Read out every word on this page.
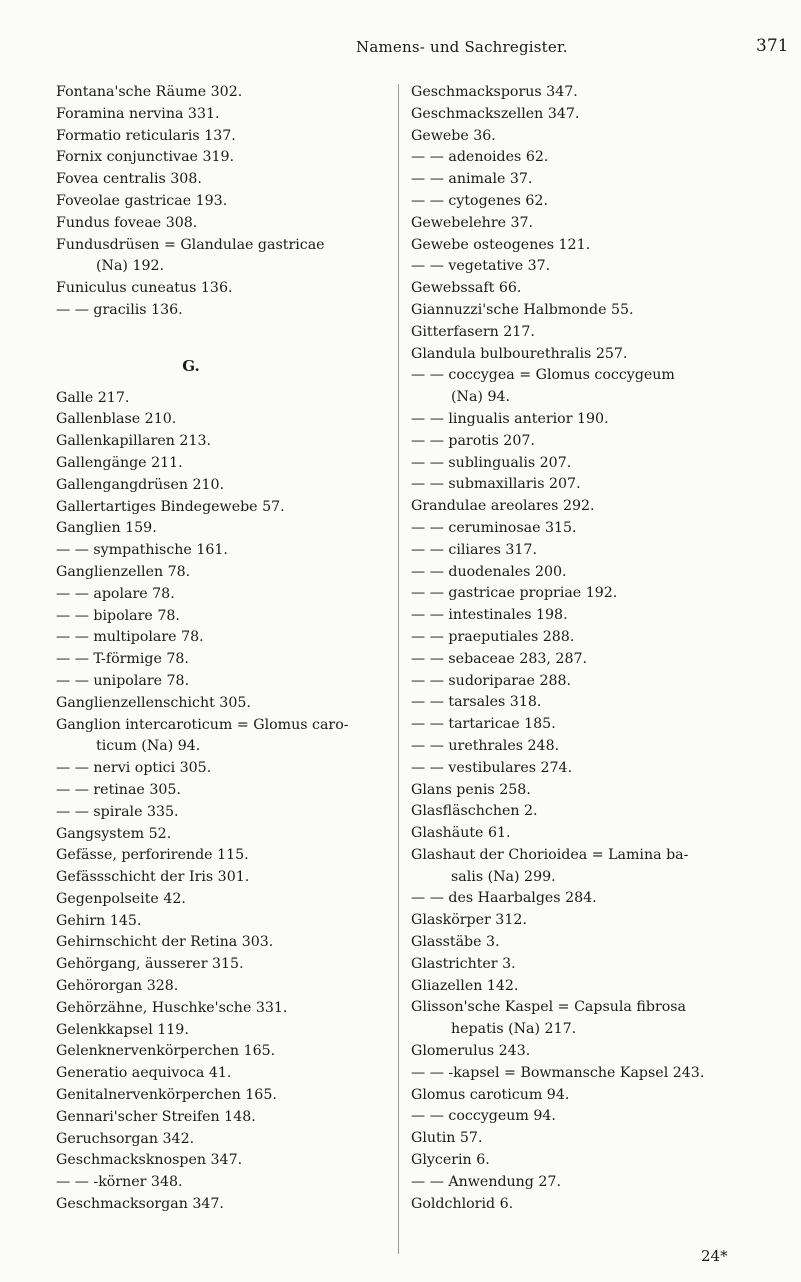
Namens- und Sachregister.	371
Fontana'sche Räume 302.
Foramina nervina 331.
Formatio reticularis 137.
Fornix conjunctivae 319.
Fovea centralis 308.
Foveolae gastricae 193.
Fundus foveae 308.
Fundusdrüsen = Glandulae gastricae
(Na) 192.
Funiculus cuneatus 136.
— — gracilis 136.
G.
Galle 217.
Gallenblase 210.
Gallenkapillaren 213.
Gallengänge 211.
Gallengangdrüsen 210.
Gallertartiges Bindegewebe 57.
Ganglien 159.
— — sympathische 161.
Ganglienzellen 78.
— — apolare 78.
— — bipolare 78.
— — multipolare 78.
— — T-förmige 78.
— — unipolare 78.
Ganglienzellenschicht 305.
Ganglion intercaroticum = Glomus caro-
ticum (Na) 94.
— — nervi optici 305.
— — retinae 305.
— — spirale 335.
Gangsystem 52.
Gefässe, perforirende 115.
Gefässschicht der Iris 301.
Gegenpolseite 42.
Gehirn 145.
Gehirnschicht der Retina 303.
Gehörgang, äusserer 315.
Gehörorgan 328.
Gehörzähne, Huschke'sche 331.
Gelenkkapsel 119.
Gelenknervenkörperchen 165.
Generatio aequivoca 41.
Genitalnervenkörperchen 165.
Gennari'scher Streifen 148.
Geruchsorgan 342.
Geschmacksknospen 347.
— — -körner 348.
Geschmacksorgan 347.
Geschmacksporus 347.
Geschmackszellen 347.
Gewebe 36.
— — adenoides 62.
— — animale 37.
— — cytogenes 62.
Gewebelehre 37.
Gewebe osteogenes 121.
— — vegetative 37.
Gewebssaft 66.
Giannuzzi'sche Halbmonde 55.
Gitterfasern 217.
Glandula bulbourethralis 257.
— — coccygea = Glomus coccygeum
(Na) 94.
— — lingualis anterior 190.
— — parotis 207.
— — sublingualis 207.
— — submaxillaris 207.
Grandulae areolares 292.
— — ceruminosae 315.
— — ciliares 317.
— — duodenales 200.
— — gastricae propriae 192.
— — intestinales 198.
— — praeputiales 288.
— — sebaceae 283, 287.
— — sudoriparae 288.
— — tarsales 318.
— — tartaricae 185.
— — urethrales 248.
— — vestibulares 274.
Glans penis 258.
Glasfläschchen 2.
Glashäute 61.
Glashaut der Chorioidea = Lamina ba-
salis (Na) 299.
— — des Haarbalges 284.
Glaskörper 312.
Glasstäbe 3.
Glastrichter 3.
Gliazellen 142.
Glisson'sche Kaspel = Capsula fibrosa
hepatis (Na) 217.
Glomerulus 243.
— — -kapsel = Bowmansche Kapsel 243.
Glomus caroticum 94.
— — coccygeum 94.
Glutin 57.
Glycerin 6.
— — Anwendung 27.
Goldchlorid 6.
24*
